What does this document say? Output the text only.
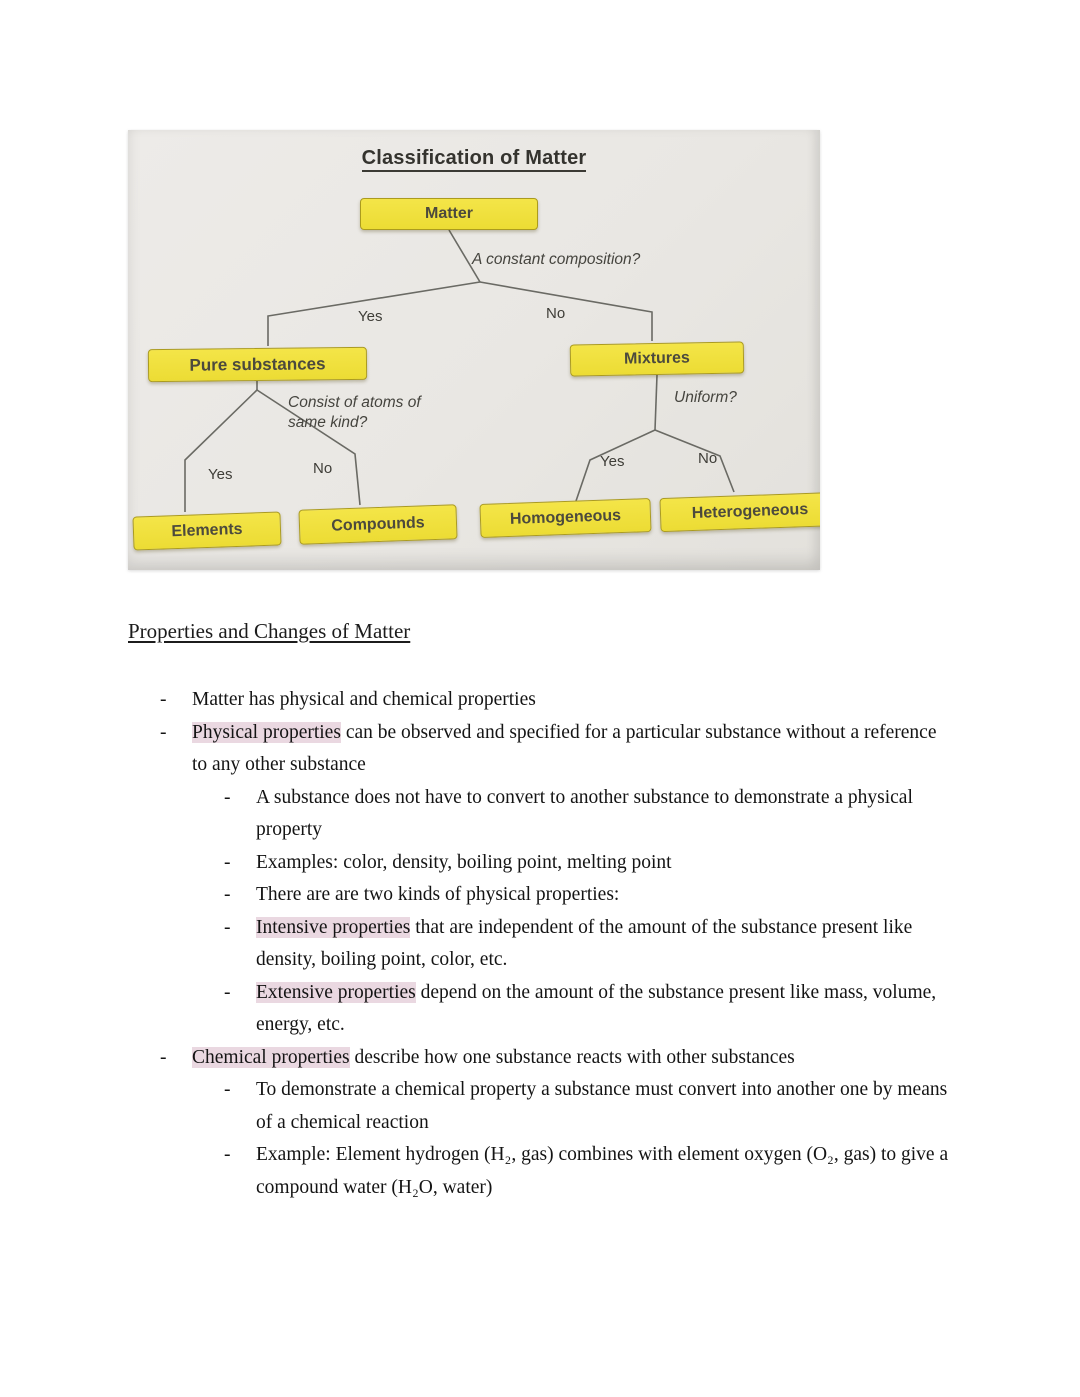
Classification of Matter
Matter
A constant composition?
Yes	No
Pure substances	Mixtures
Consist of atoms of same kind?
Uniform?
Yes	No	Yes	No
Elements	Compounds	Homogeneous	Heterogeneous
Properties and Changes of Matter
-	Matter has physical and chemical properties
-	Physical properties can be observed and specified for a particular substance without a reference to any other substance
-	A substance does not have to convert to another substance to demonstrate a physical property
-	Examples: color, density, boiling point, melting point
-	There are are two kinds of physical properties:
-	Intensive properties that are independent of the amount of the substance present like density, boiling point, color, etc.
-	Extensive properties depend on the amount of the substance present like mass, volume, energy, etc.
-	Chemical properties describe how one substance reacts with other substances
-	To demonstrate a chemical property a substance must convert into another one by means of a chemical reaction
-	Example: Element hydrogen (H₂, gas) combines with element oxygen (O₂, gas) to give a compound water (H₂O, water)
